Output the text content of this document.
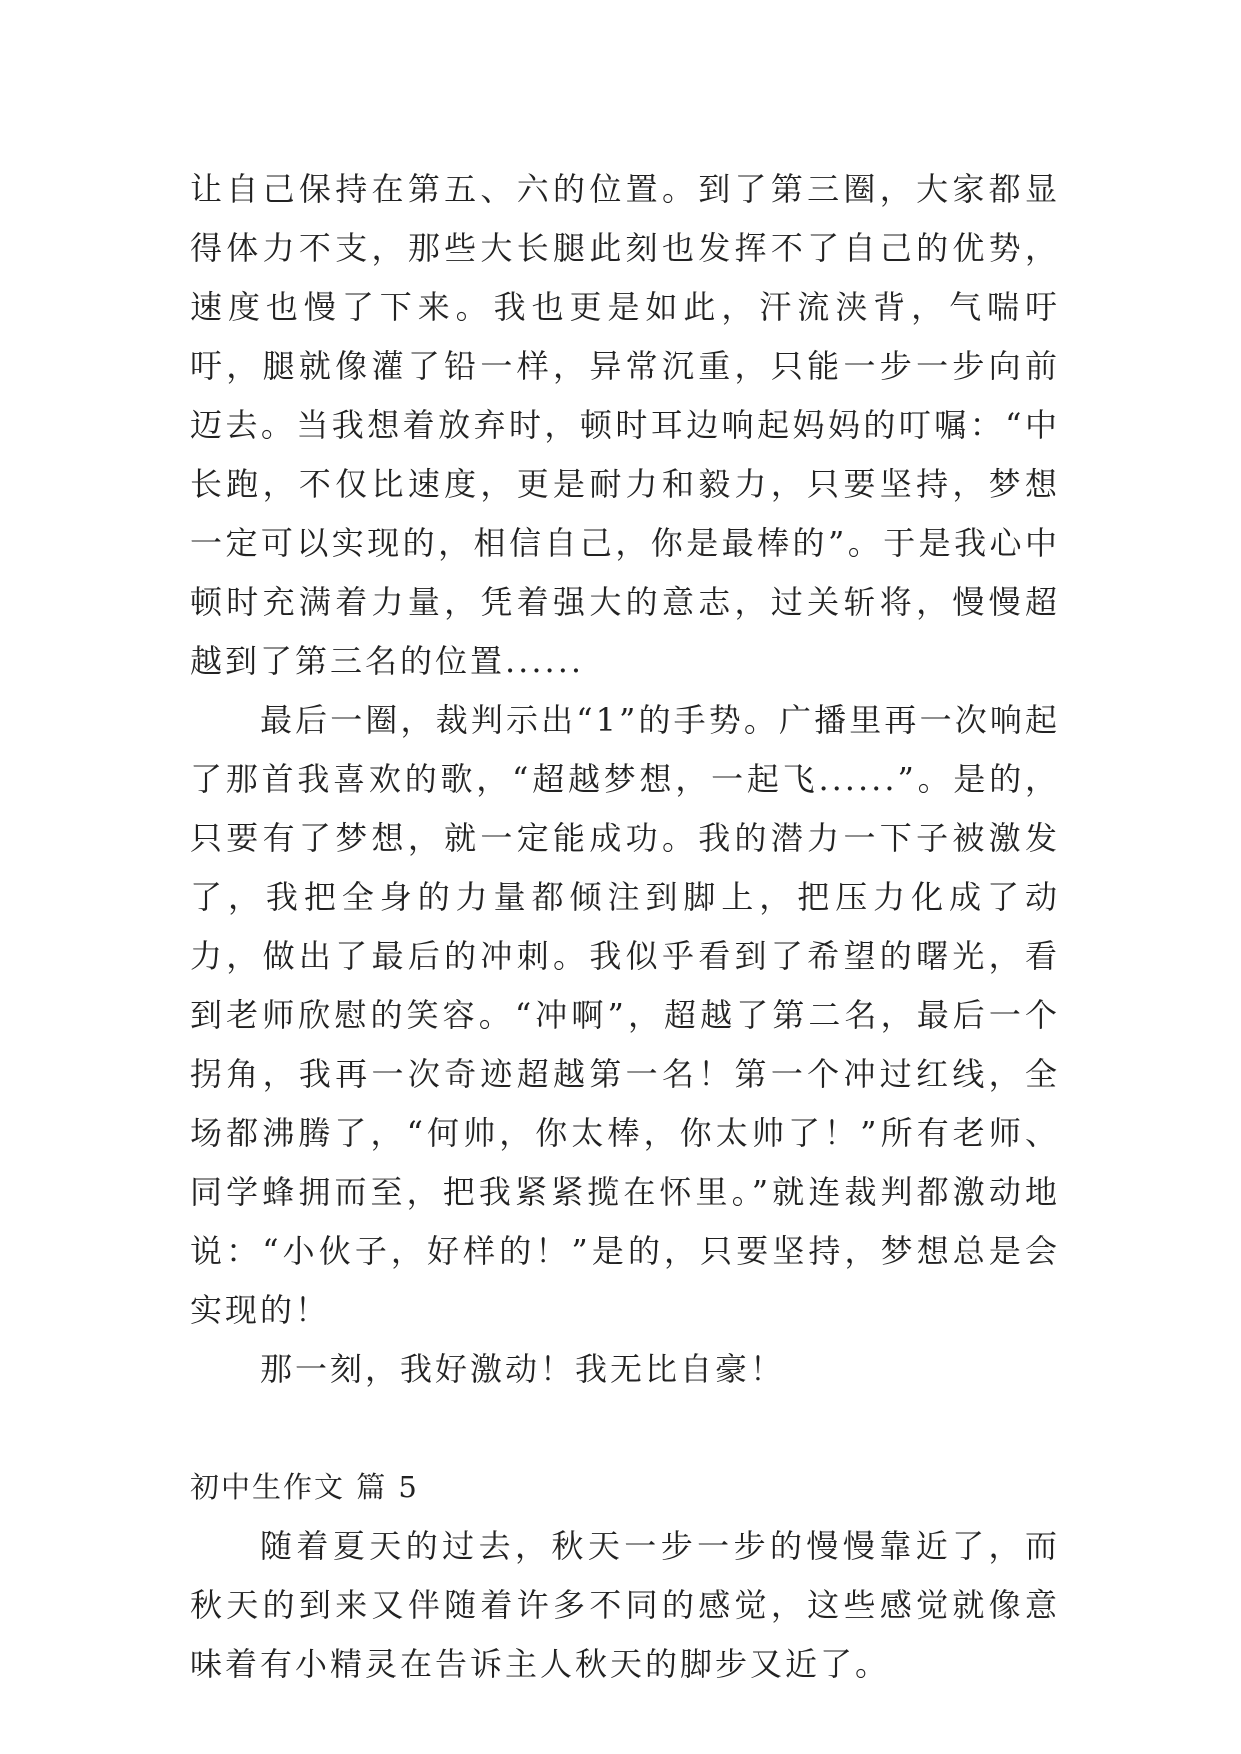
让自己保持在第五、六的位置。到了第三圈，大家都显得体力不支，那些大长腿此刻也发挥不了自己的优势，速度也慢了下来。我也更是如此，汗流浃背，气喘吁吁，腿就像灌了铅一样，异常沉重，只能一步一步向前迈去。当我想着放弃时，顿时耳边响起妈妈的叮嘱：“中长跑，不仅比速度，更是耐力和毅力，只要坚持，梦想一定可以实现的，相信自己，你是最棒的”。于是我心中顿时充满着力量，凭着强大的意志，过关斩将，慢慢超越到了第三名的位置......

最后一圈，裁判示出“1”的手势。广播里再一次响起了那首我喜欢的歌，“超越梦想，一起飞......”。是的，只要有了梦想，就一定能成功。我的潜力一下子被激发了，我把全身的力量都倾注到脚上，把压力化成了动力，做出了最后的冲刺。我似乎看到了希望的曙光，看到老师欣慰的笑容。“冲啊”，超越了第二名，最后一个拐角，我再一次奇迹超越第一名！第一个冲过红线，全场都沸腾了，“何帅，你太棒，你太帅了！”所有老师、同学蜂拥而至，把我紧紧揽在怀里。”就连裁判都激动地说：“小伙子，好样的！”是的，只要坚持，梦想总是会实现的！

那一刻，我好激动！我无比自豪！

初中生作文 篇 5

随着夏天的过去，秋天一步一步的慢慢靠近了，而秋天的到来又伴随着许多不同的感觉，这些感觉就像意味着有小精灵在告诉主人秋天的脚步又近了。
